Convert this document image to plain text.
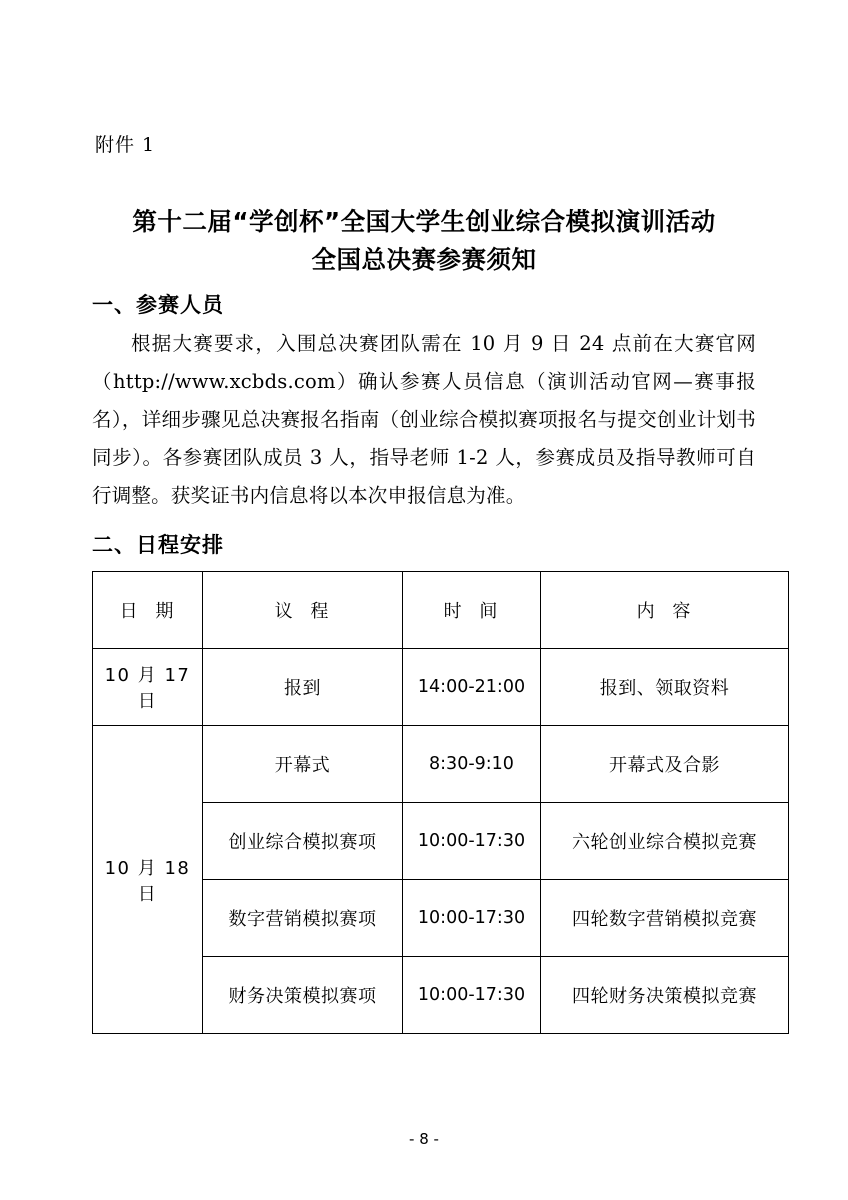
附件 1
第十二届“学创杯”全国大学生创业综合模拟演训活动
全国总决赛参赛须知
一、参赛人员

根据大赛要求，入围总决赛团队需在 10 月 9 日 24 点前在大赛官网（http://www.xcbds.com）确认参赛人员信息（演训活动官网—赛事报名），详细步骤见总决赛报名指南（创业综合模拟赛项报名与提交创业计划书同步）。各参赛团队成员 3 人，指导老师 1-2 人，参赛成员及指导教师可自行调整。获奖证书内信息将以本次申报信息为准。

二、日程安排
日 期	议 程	时 间	内 容
10 月 17 日	报到	14:00-21:00	报到、领取资料
10 月 18 日	开幕式	8:30-9:10	开幕式及合影
	创业综合模拟赛项	10:00-17:30	六轮创业综合模拟竞赛
	数字营销模拟赛项	10:00-17:30	四轮数字营销模拟竞赛
	财务决策模拟赛项	10:00-17:30	四轮财务决策模拟竞赛
- 8 -
